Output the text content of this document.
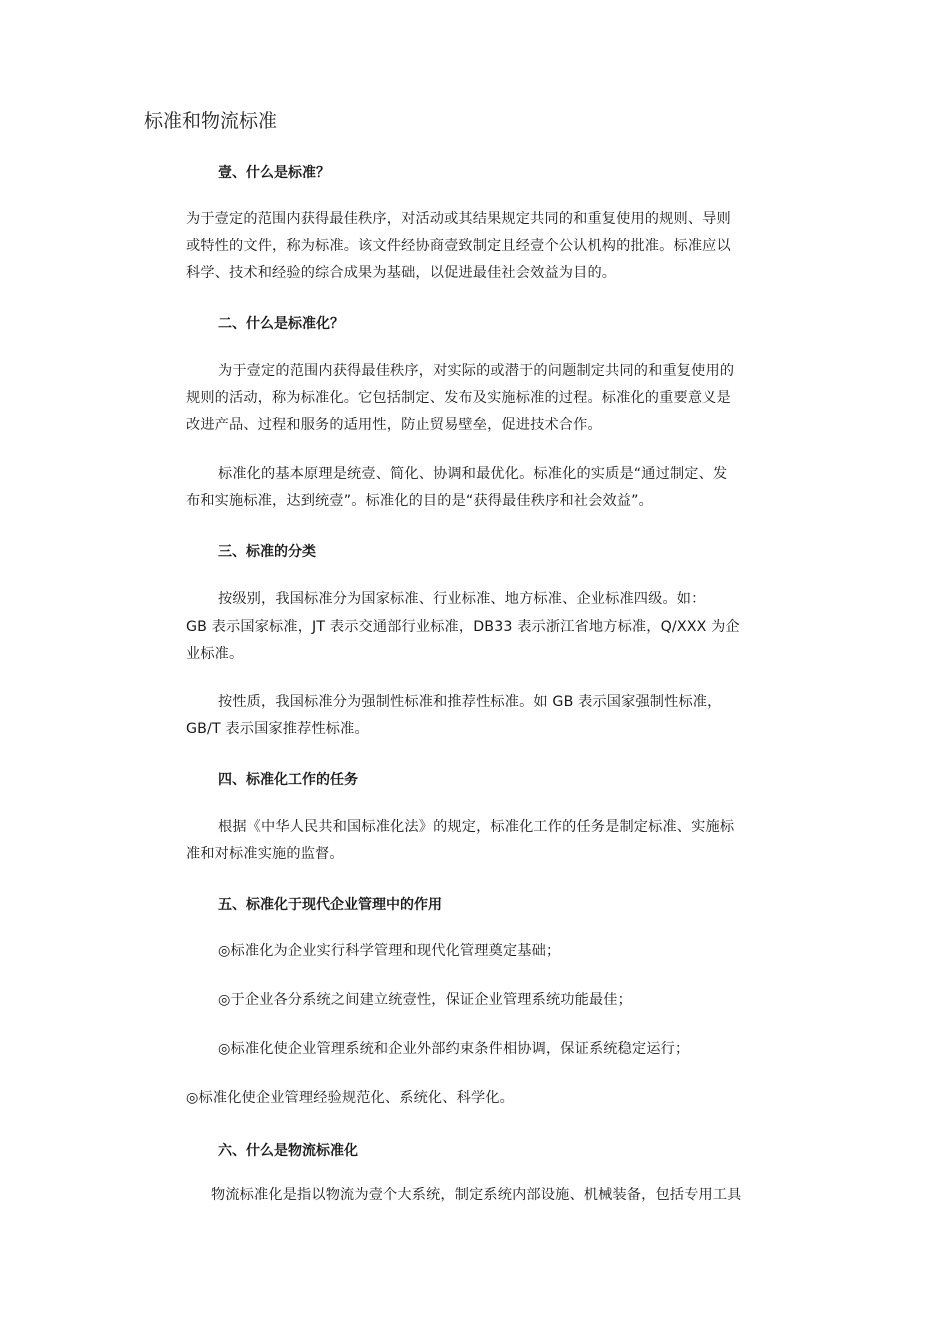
标准和物流标准
壹、什么是标准？

为于壹定的范围内获得最佳秩序，对活动或其结果规定共同的和重复使用的规则、导则

或特性的文件，称为标准。该文件经协商壹致制定且经壹个公认机构的批准。标准应以

科学、技术和经验的综合成果为基础，以促进最佳社会效益为目的。

二、什么是标准化？

为于壹定的范围内获得最佳秩序，对实际的或潜于的问题制定共同的和重复使用的

规则的活动，称为标准化。它包括制定、发布及实施标准的过程。标准化的重要意义是

改进产品、过程和服务的适用性，防止贸易壁垒，促进技术合作。

标准化的基本原理是统壹、简化、协调和最优化。标准化的实质是“通过制定、发

布和实施标准，达到统壹”。标准化的目的是“获得最佳秩序和社会效益”。

三、标准的分类

按级别，我国标准分为国家标准、行业标准、地方标准、企业标准四级。如：

GB 表示国家标准，JT 表示交通部行业标准，DB33 表示浙江省地方标准，Q/XXX 为企

业标准。

按性质，我国标准分为强制性标准和推荐性标准。如 GB 表示国家强制性标准，

GB/T 表示国家推荐性标准。

四、标准化工作的任务

根据《中华人民共和国标准化法》的规定，标准化工作的任务是制定标准、实施标

准和对标准实施的监督。

五、标准化于现代企业管理中的作用

◎标准化为企业实行科学管理和现代化管理奠定基础；

◎于企业各分系统之间建立统壹性，保证企业管理系统功能最佳；

◎标准化使企业管理系统和企业外部约束条件相协调，保证系统稳定运行；

◎标准化使企业管理经验规范化、系统化、科学化。

六、什么是物流标准化

物流标准化是指以物流为壹个大系统，制定系统内部设施、机械装备，包括专用工具
